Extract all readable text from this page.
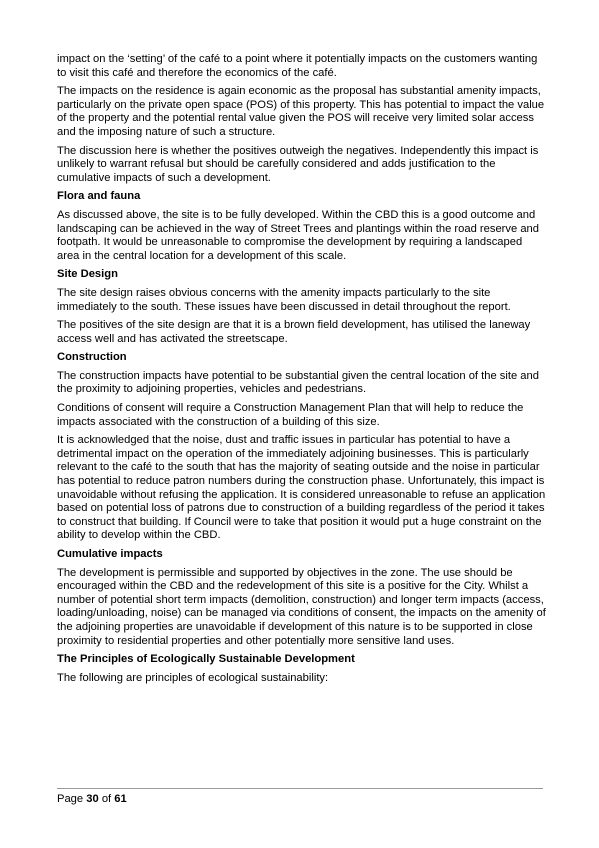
impact on the ‘setting’ of the café to a point where it potentially impacts on the customers wanting to visit this café and therefore the economics of the café.

The impacts on the residence is again economic as the proposal has substantial amenity impacts, particularly on the private open space (POS) of this property. This has potential to impact the value of the property and the potential rental value given the POS will receive very limited solar access and the imposing nature of such a structure.

The discussion here is whether the positives outweigh the negatives. Independently this impact is unlikely to warrant refusal but should be carefully considered and adds justification to the cumulative impacts of such a development.

Flora and fauna

As discussed above, the site is to be fully developed. Within the CBD this is a good outcome and landscaping can be achieved in the way of Street Trees and plantings within the road reserve and footpath. It would be unreasonable to compromise the development by requiring a landscaped area in the central location for a development of this scale.

Site Design

The site design raises obvious concerns with the amenity impacts particularly to the site immediately to the south. These issues have been discussed in detail throughout the report.

The positives of the site design are that it is a brown field development, has utilised the laneway access well and has activated the streetscape.

Construction

The construction impacts have potential to be substantial given the central location of the site and the proximity to adjoining properties, vehicles and pedestrians.

Conditions of consent will require a Construction Management Plan that will help to reduce the impacts associated with the construction of a building of this size.

It is acknowledged that the noise, dust and traffic issues in particular has potential to have a detrimental impact on the operation of the immediately adjoining businesses. This is particularly relevant to the café to the south that has the majority of seating outside and the noise in particular has potential to reduce patron numbers during the construction phase. Unfortunately, this impact is unavoidable without refusing the application. It is considered unreasonable to refuse an application based on potential loss of patrons due to construction of a building regardless of the period it takes to construct that building. If Council were to take that position it would put a huge constraint on the ability to develop within the CBD.

Cumulative impacts

The development is permissible and supported by objectives in the zone. The use should be encouraged within the CBD and the redevelopment of this site is a positive for the City. Whilst a number of potential short term impacts (demolition, construction) and longer term impacts (access, loading/unloading, noise) can be managed via conditions of consent, the impacts on the amenity of the adjoining properties are unavoidable if development of this nature is to be supported in close proximity to residential properties and other potentially more sensitive land uses.

The Principles of Ecologically Sustainable Development

The following are principles of ecological sustainability:

Page 30 of 61
